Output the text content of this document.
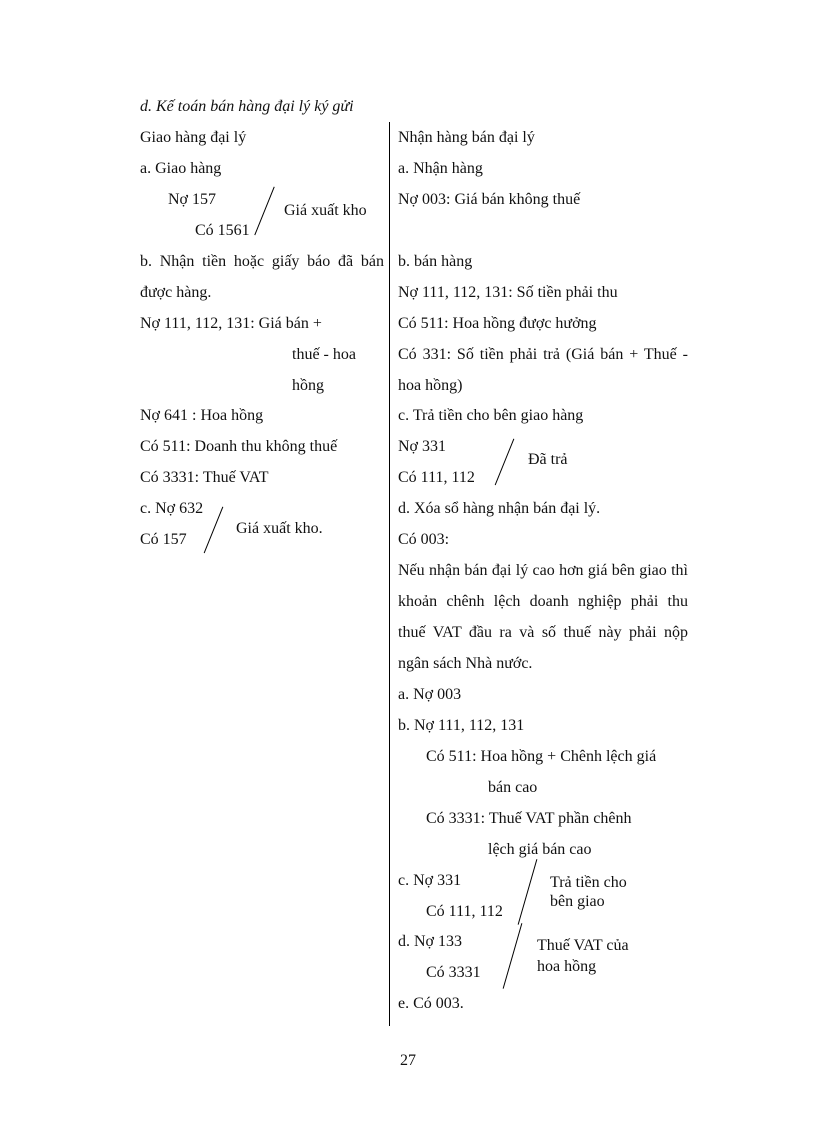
d. Kế toán bán hàng đại lý ký gửi
Giao hàng đại lý
a. Giao hàng
Nợ 157
Có 1561
Giá xuất kho
b. Nhận tiền hoặc giấy báo đã bán được hàng.
Nợ 111, 112, 131: Giá bán +
thuế - hoa
hồng
Nợ 641 : Hoa hồng
Có 511: Doanh thu không thuế
Có 3331: Thuế VAT
c. Nợ 632
Có 157
Giá xuất kho.
Nhận hàng bán đại lý
a. Nhận hàng
Nợ 003: Giá bán không thuế
b. bán hàng
Nợ 111, 112, 131: Số tiền phải thu
Có 511: Hoa hồng được hưởng
Có 331: Số tiền phải trả (Giá bán + Thuế - hoa hồng)
c. Trả tiền cho bên giao hàng
Nợ 331
Có 111, 112
Đã trả
d. Xóa sổ hàng nhận bán đại lý.
Có 003:
Nếu nhận bán đại lý cao hơn giá bên giao thì khoản chênh lệch doanh nghiệp phải thu thuế VAT đầu ra và số thuế này phải nộp ngân sách Nhà nước.
a. Nợ 003
b. Nợ 111, 112, 131
Có 511: Hoa hồng + Chênh lệch giá
bán cao
Có 3331: Thuế VAT phần chênh
lệch giá bán cao
c. Nợ 331
Có 111, 112
Trả tiền cho
bên giao
d. Nợ 133
Có 3331
Thuế VAT của
hoa hồng
e. Có 003.
27
